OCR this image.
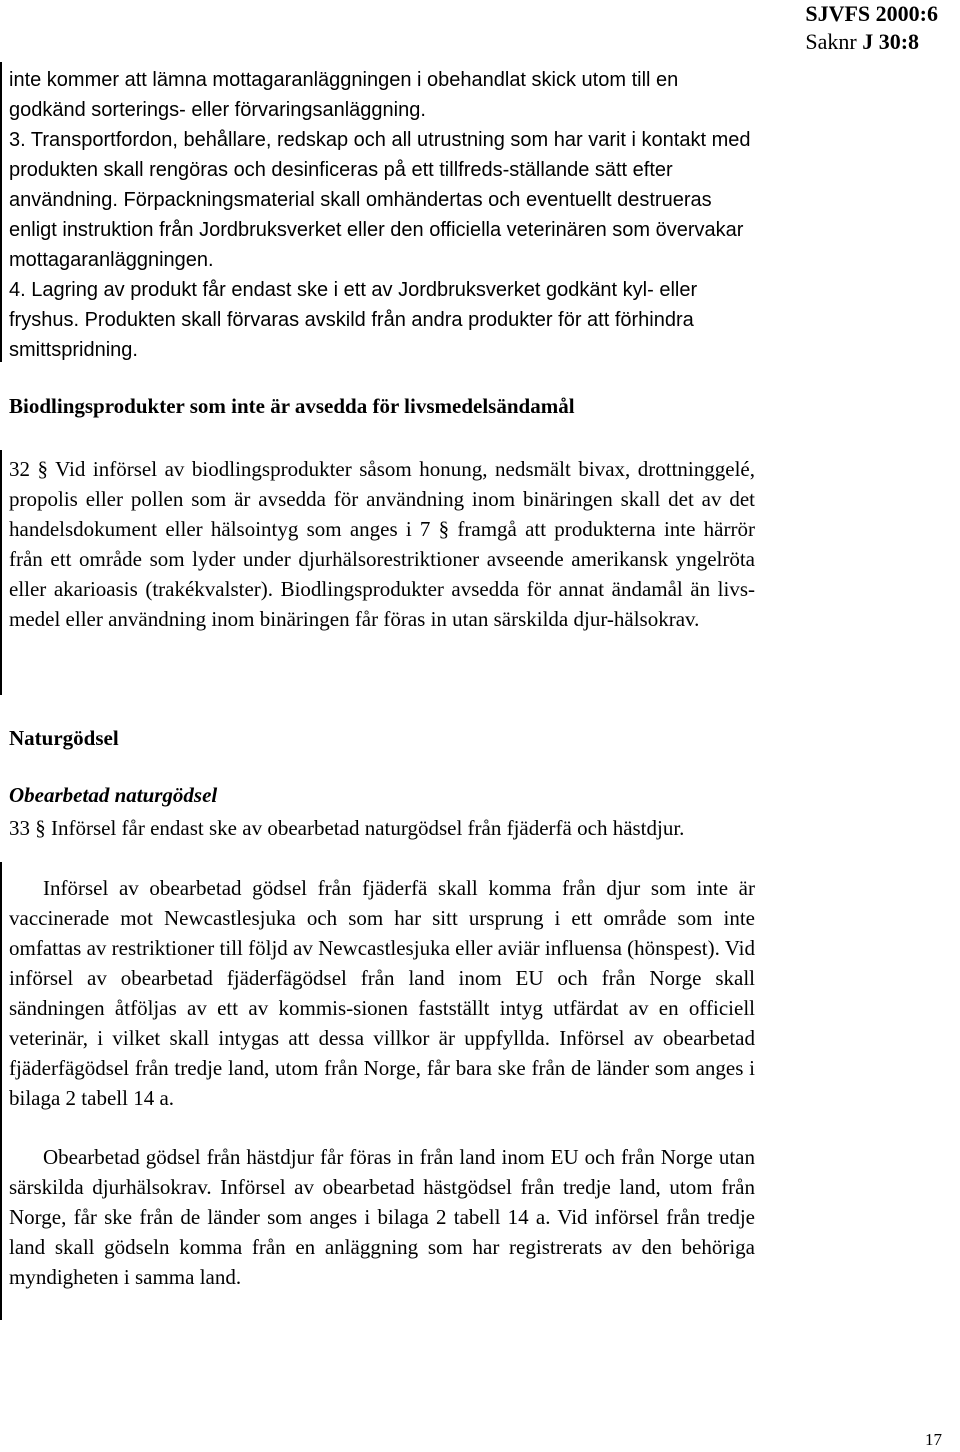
SJVFS 2000:6
Saknr J 30:8

inte kommer att lämna mottagaranläggningen i obehandlat skick utom till en godkänd sorterings- eller förvaringsanläggning.

3. Transportfordon, behållare, redskap och all utrustning som har varit i kontakt med produkten skall rengöras och desinficeras på ett tillfreds-ställande sätt efter användning. Förpackningsmaterial skall omhändertas och eventuellt destrueras enligt instruktion från Jordbruksverket eller den officiella veterinären som övervakar mottagaranläggningen.

4. Lagring av produkt får endast ske i ett av Jordbruksverket godkänt kyl- eller fryshus. Produkten skall förvaras avskild från andra produkter för att förhindra smittspridning.

Biodlingsprodukter som inte är avsedda för livsmedelsändamål

32 § Vid införsel av biodlingsprodukter såsom honung, nedsmält bivax, drottninggelé, propolis eller pollen som är avsedda för användning inom binäringen skall det av det handelsdokument eller hälsointyg som anges i 7 § framgå att produkterna inte härrör från ett område som lyder under djurhälsorestriktioner avseende amerikansk yngelröta eller akarioasis (trakékvalster). Biodlingsprodukter avsedda för annat ändamål än livs-medel eller användning inom binäringen får föras in utan särskilda djur-hälsokrav.

Naturgödsel
Obearbetad naturgödsel

33 § Införsel får endast ske av obearbetad naturgödsel från fjäderfä och hästdjur.

Införsel av obearbetad gödsel från fjäderfä skall komma från djur som inte är vaccinerade mot Newcastlesjuka och som har sitt ursprung i ett område som inte omfattas av restriktioner till följd av Newcastlesjuka eller aviär influensa (hönspest). Vid införsel av obearbetad fjäderfägödsel från land inom EU och från Norge skall sändningen åtföljas av ett av kommis-sionen fastställt intyg utfärdat av en officiell veterinär, i vilket skall intygas att dessa villkor är uppfyllda. Införsel av obearbetad fjäderfägödsel från tredje land, utom från Norge, får bara ske från de länder som anges i bilaga 2 tabell 14 a.

Obearbetad gödsel från hästdjur får föras in från land inom EU och från Norge utan särskilda djurhälsokrav. Införsel av obearbetad hästgödsel från tredje land, utom från Norge, får ske från de länder som anges i bilaga 2 tabell 14 a. Vid införsel från tredje land skall gödseln komma från en anläggning som har registrerats av den behöriga myndigheten i samma land.

17
